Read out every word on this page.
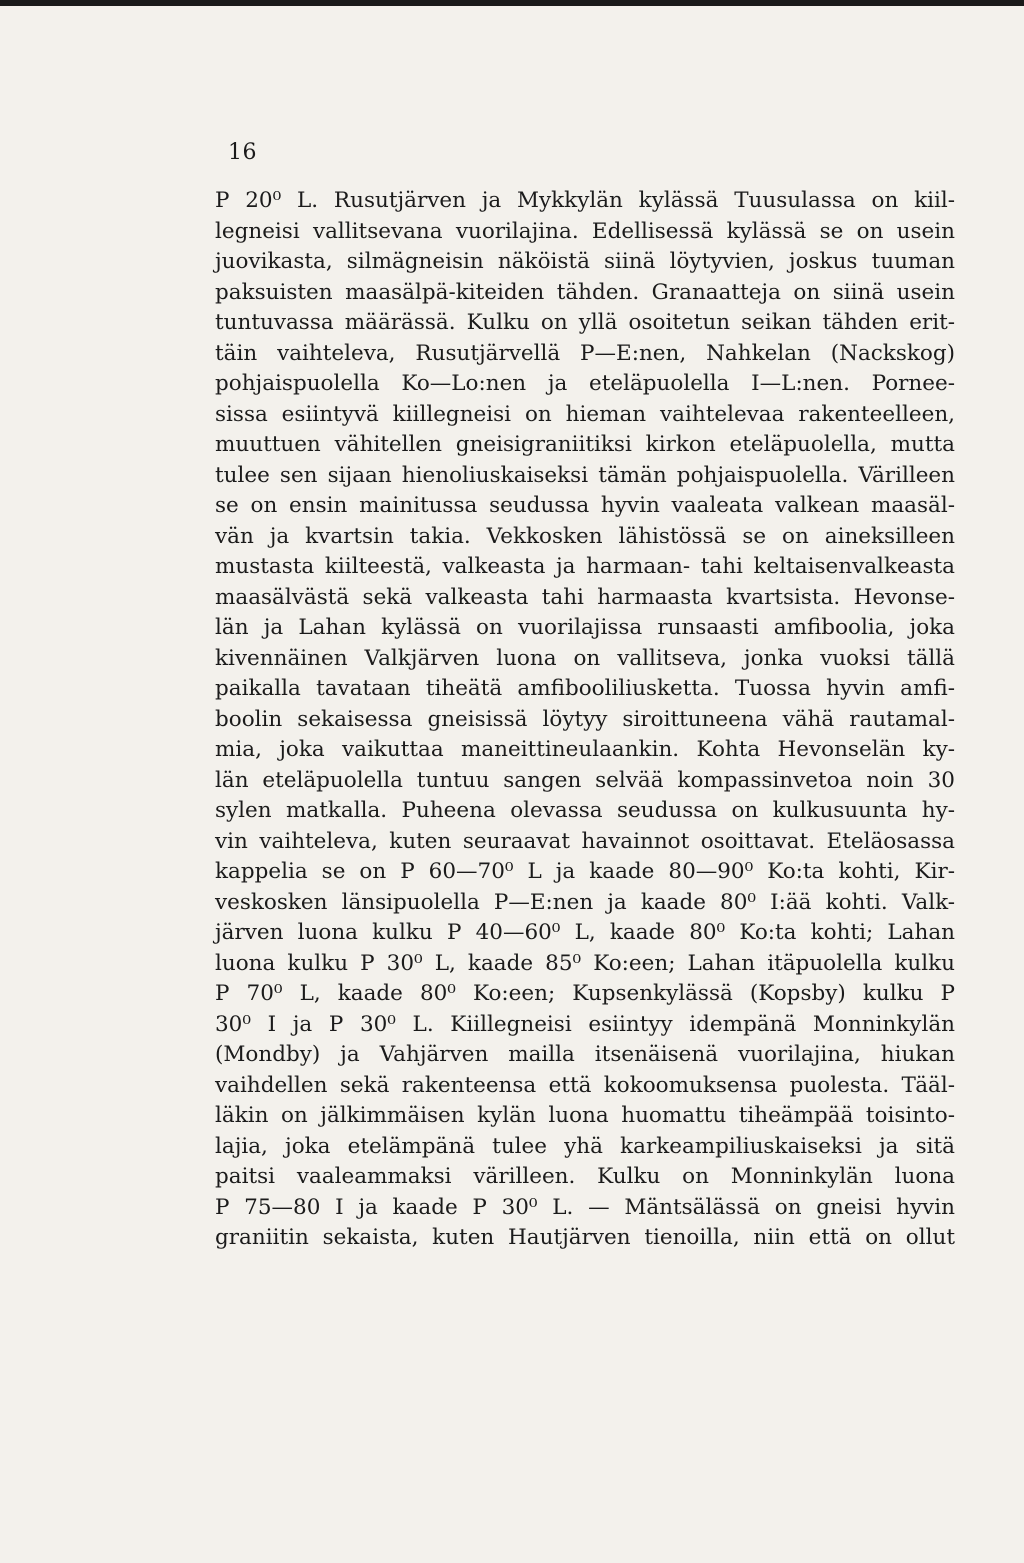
16
P 20⁰ L. Rusutjärven ja Mykkylän kylässä Tuusulassa on kiil-
legneisi vallitsevana vuorilajina. Edellisessä kylässä se on usein
juovikasta, silmägneisin näköistä siinä löytyvien, joskus tuuman
paksuisten maasälpä-kiteiden tähden. Granaatteja on siinä usein
tuntuvassa määrässä. Kulku on yllä osoitetun seikan tähden erit-
täin vaihteleva, Rusutjärvellä P—E:nen, Nahkelan (Nackskog)
pohjaispuolella Ko—Lo:nen ja eteläpuolella I—L:nen. Pornee-
sissa esiintyvä kiillegneisi on hieman vaihtelevaa rakenteelleen,
muuttuen vähitellen gneisigraniitiksi kirkon eteläpuolella, mutta
tulee sen sijaan hienoliuskaiseksi tämän pohjaispuolella. Värilleen
se on ensin mainitussa seudussa hyvin vaaleata valkean maasäl-
vän ja kvartsin takia. Vekkosken lähistössä se on aineksilleen
mustasta kiilteestä, valkeasta ja harmaan- tahi keltaisenvalkeasta
maasälvästä sekä valkeasta tahi harmaasta kvartsista. Hevonse-
län ja Lahan kylässä on vuorilajissa runsaasti amfiboolia, joka
kivennäinen Valkjärven luona on vallitseva, jonka vuoksi tällä
paikalla tavataan tiheätä amfibooliliusketta. Tuossa hyvin amfi-
boolin sekaisessa gneisissä löytyy siroittuneena vähä rautamal-
mia, joka vaikuttaa maneittineulaankin. Kohta Hevonselän ky-
län eteläpuolella tuntuu sangen selvää kompassinvetoa noin 30
sylen matkalla. Puheena olevassa seudussa on kulkusuunta hy-
vin vaihteleva, kuten seuraavat havainnot osoittavat. Eteläosassa
kappelia se on P 60—70⁰ L ja kaade 80—90⁰ Ko:ta kohti, Kir-
veskosken länsipuolella P—E:nen ja kaade 80⁰ I:ää kohti. Valk-
järven luona kulku P 40—60⁰ L, kaade 80⁰ Ko:ta kohti; Lahan
luona kulku P 30⁰ L, kaade 85⁰ Ko:een; Lahan itäpuolella kulku
P 70⁰ L, kaade 80⁰ Ko:een; Kupsenkylässä (Kopsby) kulku P
30⁰ I ja P 30⁰ L. Kiillegneisi esiintyy idempänä Monninkylän
(Mondby) ja Vahjärven mailla itsenäisenä vuorilajina, hiukan
vaihdellen sekä rakenteensa että kokoomuksensa puolesta. Tääl-
läkin on jälkimmäisen kylän luona huomattu tiheämpää toisinto-
lajia, joka etelämpänä tulee yhä karkeampiliuskaiseksi ja sitä
paitsi vaaleammaksi värilleen. Kulku on Monninkylän luona
P 75—80 I ja kaade P 30⁰ L. — Mäntsälässä on gneisi hyvin
graniitin sekaista, kuten Hautjärven tienoilla, niin että on ollut
